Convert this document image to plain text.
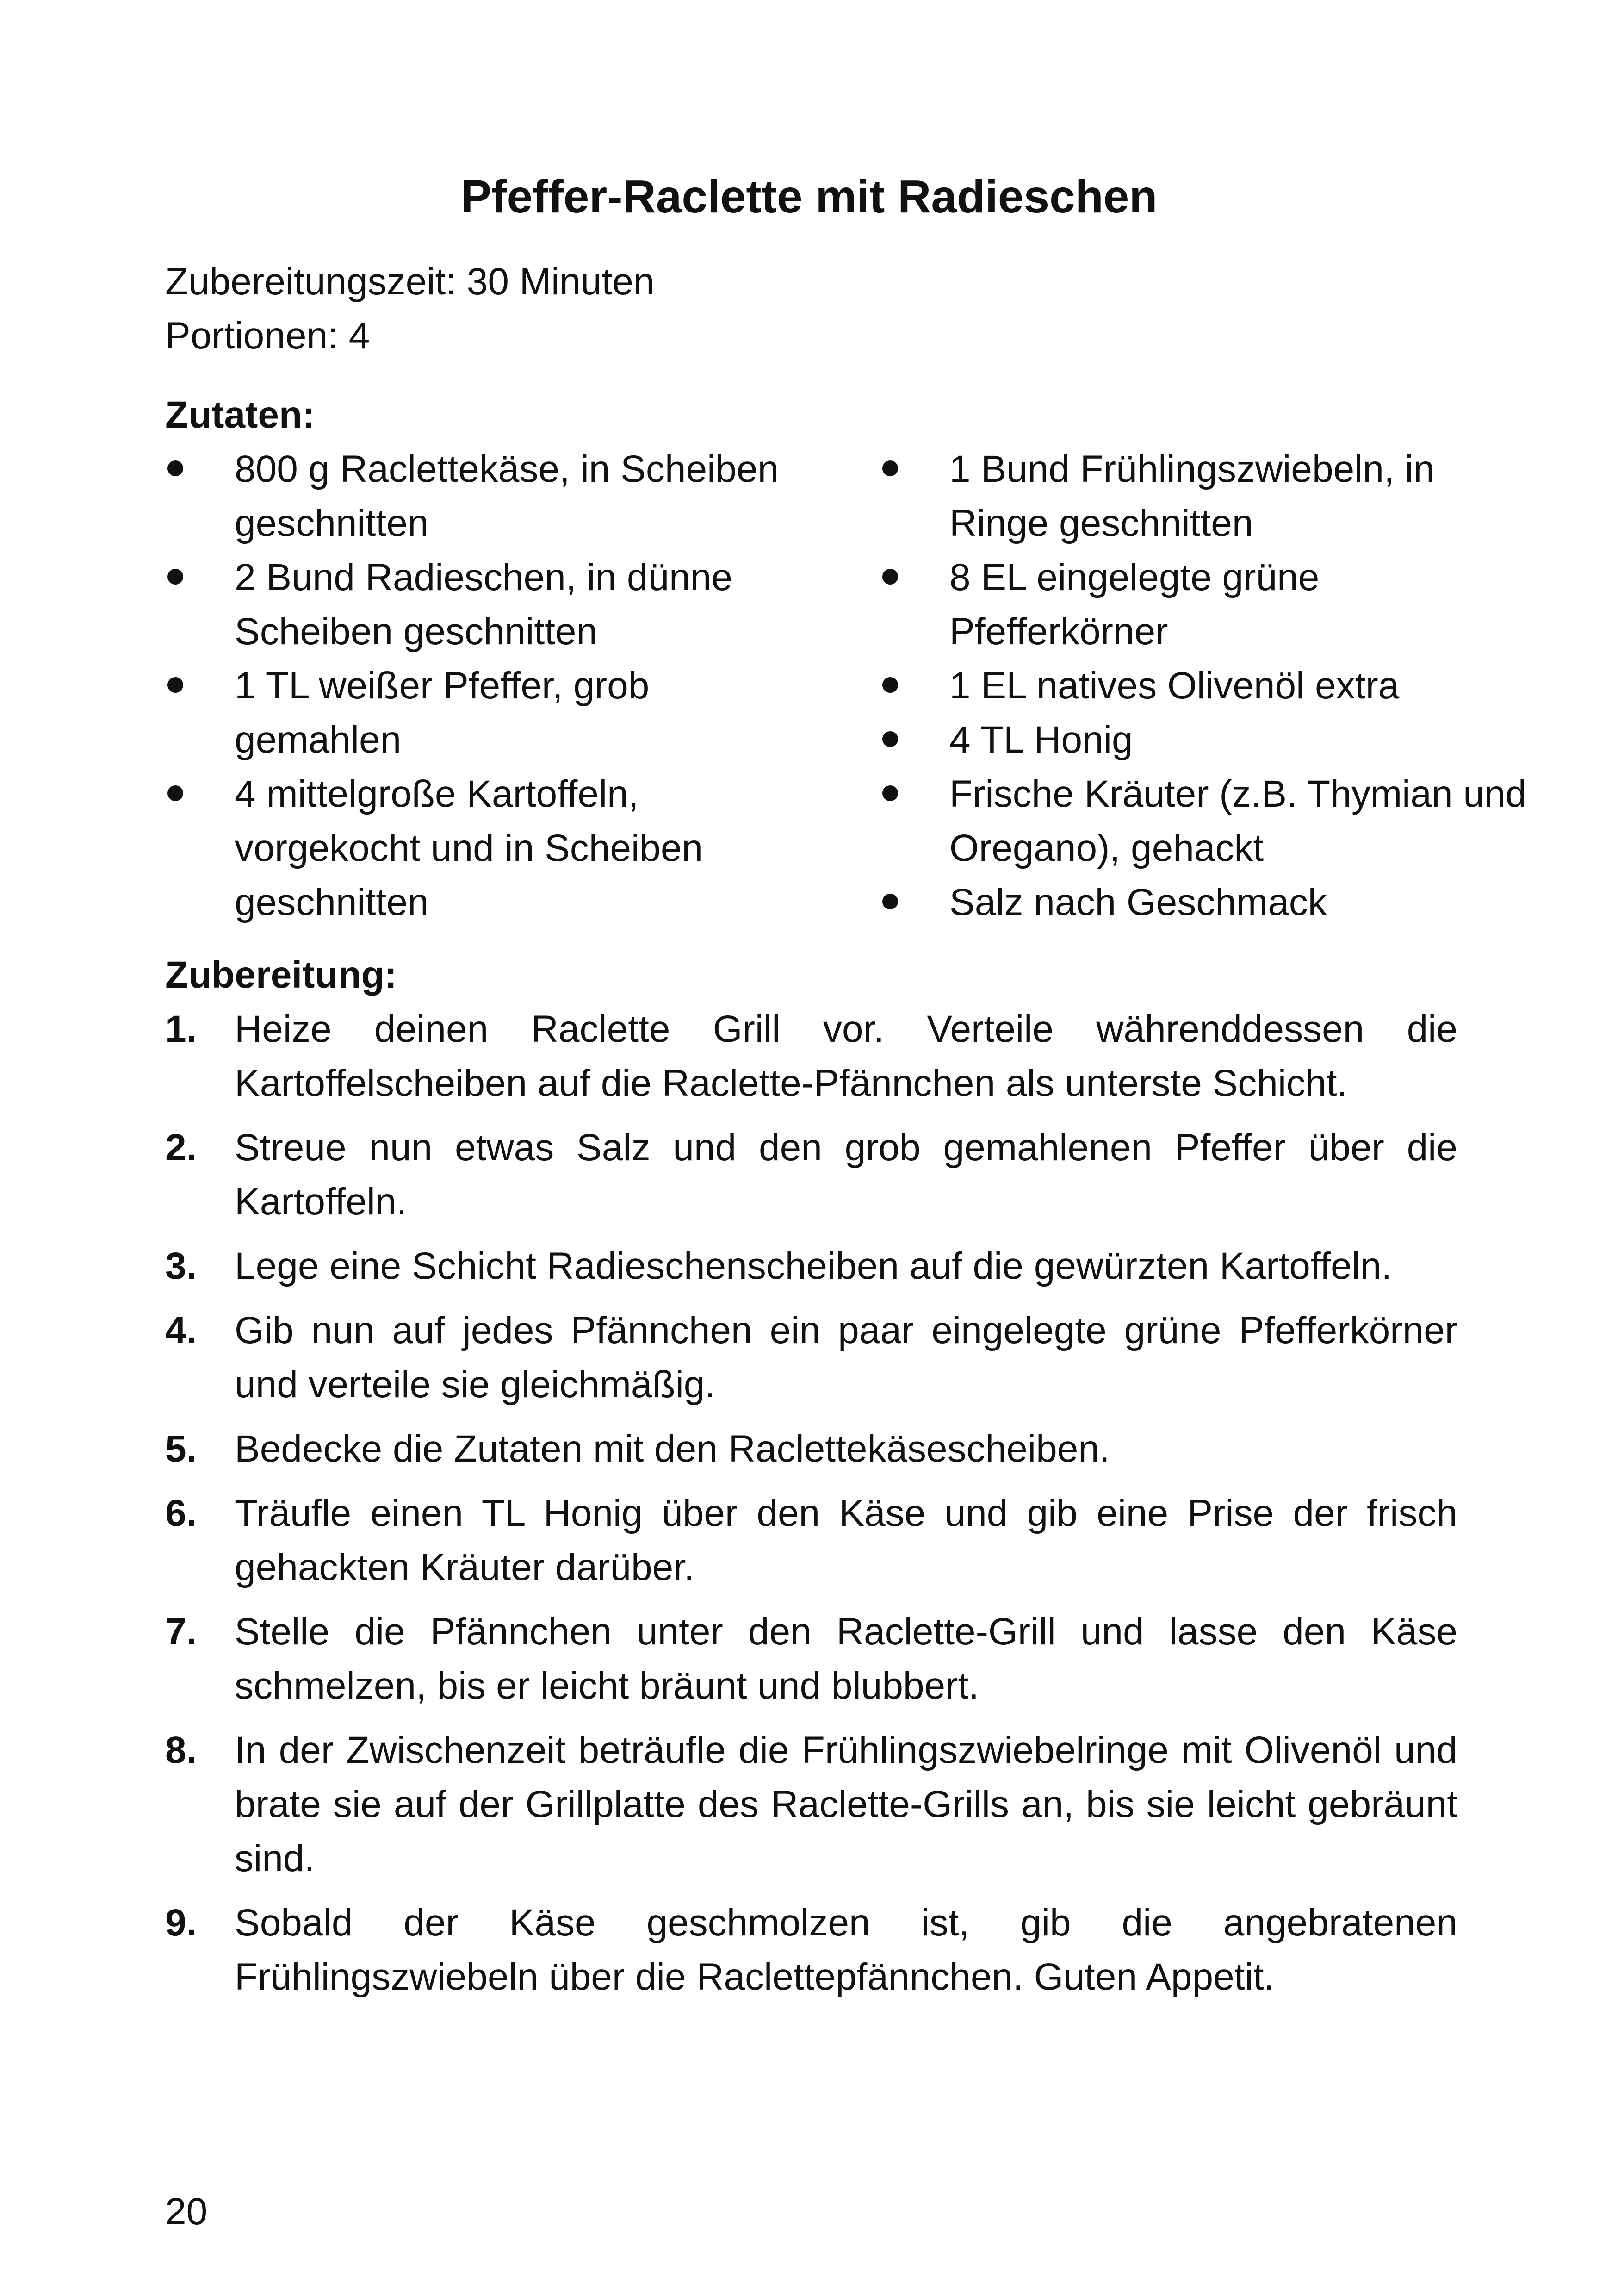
Pfeffer-Raclette mit Radieschen
Zubereitungszeit: 30 Minuten
Portionen: 4
Zutaten:
800 g Raclettekäse, in Scheiben geschnitten
2 Bund Radieschen, in dünne Scheiben geschnitten
1 TL weißer Pfeffer, grob gemahlen
4 mittelgroße Kartoffeln, vorgekocht und in Scheiben geschnitten
1 Bund Frühlingszwiebeln, in Ringe geschnitten
8 EL eingelegte grüne Pfefferkörner
1 EL natives Olivenöl extra
4 TL Honig
Frische Kräuter (z.B. Thymian und Oregano), gehackt
Salz nach Geschmack
Zubereitung:
1. Heize deinen Raclette Grill vor. Verteile währenddessen die Kartoffelscheiben auf die Raclette-Pfännchen als unterste Schicht.
2. Streue nun etwas Salz und den grob gemahlenen Pfeffer über die Kartoffeln.
3. Lege eine Schicht Radieschenscheiben auf die gewürzten Kartoffeln.
4. Gib nun auf jedes Pfännchen ein paar eingelegte grüne Pfefferkörner und verteile sie gleichmäßig.
5. Bedecke die Zutaten mit den Raclettekäsescheiben.
6. Träufle einen TL Honig über den Käse und gib eine Prise der frisch gehackten Kräuter darüber.
7. Stelle die Pfännchen unter den Raclette-Grill und lasse den Käse schmelzen, bis er leicht bräunt und blubbert.
8. In der Zwischenzeit beträufle die Frühlingszwiebelringe mit Olivenöl und brate sie auf der Grillplatte des Raclette-Grills an, bis sie leicht gebräunt sind.
9. Sobald der Käse geschmolzen ist, gib die angebratenen Frühlingszwiebeln über die Raclettepfännchen. Guten Appetit.
20
